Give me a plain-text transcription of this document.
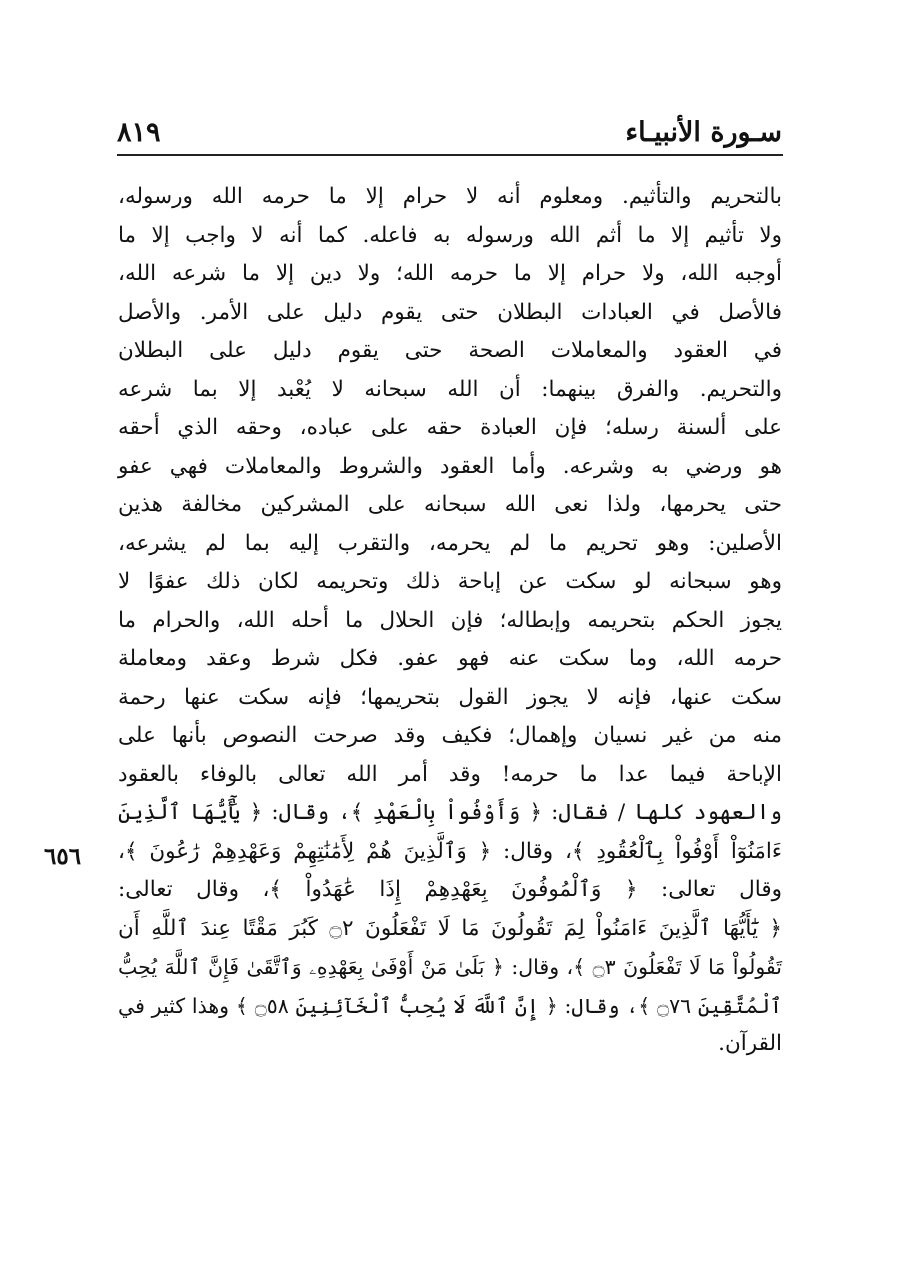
سـورة الأنبيـاء
٨١٩
٦٥٦
بالتحريم والتأثيم. ومعلوم أنه لا حرام إلا ما حرمه الله ورسوله،
ولا تأثيم إلا ما أثم الله ورسوله به فاعله. كما أنه لا واجب إلا ما
أوجبه الله، ولا حرام إلا ما حرمه الله؛ ولا دين إلا ما شرعه الله،
فالأصل في العبادات البطلان حتى يقوم دليل على الأمر. والأصل
في العقود والمعاملات الصحة حتى يقوم دليل على البطلان
والتحريم. والفرق بينهما: أن الله سبحانه لا يُعْبد إلا بما شرعه
على ألسنة رسله؛ فإن العبادة حقه على عباده، وحقه الذي أحقه
هو ورضي به وشرعه. وأما العقود والشروط والمعاملات فهي عفو
حتى يحرمها، ولذا نعى الله سبحانه على المشركين مخالفة هذين
الأصلين: وهو تحريم ما لم يحرمه، والتقرب إليه بما لم يشرعه،
وهو سبحانه لو سكت عن إباحة ذلك وتحريمه لكان ذلك عفوًا لا
يجوز الحكم بتحريمه وإبطاله؛ فإن الحلال ما أحله الله، والحرام ما
حرمه الله، وما سكت عنه فهو عفو. فكل شرط وعقد ومعاملة
سكت عنها، فإنه لا يجوز القول بتحريمها؛ فإنه سكت عنها رحمة
منه من غير نسيان وإهمال؛ فكيف وقد صرحت النصوص بأنها على
الإباحة فيما عدا ما حرمه! وقد أمر الله تعالى بالوفاء بالعقود
والعهود كلها / فقال: ﴿ وَأَوْفُواْ بِالْعَهْدِ ﴾، وقال: ﴿ يَٰٓأَيُّهَا ٱلَّذِينَ
ءَامَنُوٓاْ أَوْفُواْ بِٱلْعُقُودِ ﴾، وقال: ﴿ وَٱلَّذِينَ هُمْ لِأَمَٰنَٰتِهِمْ وَعَهْدِهِمْ رَٰعُونَ ﴾،
وقال تعالى: ﴿ وَٱلْمُوفُونَ بِعَهْدِهِمْ إِذَا عَٰهَدُواْ ﴾، وقال تعالى:
﴿ يَٰٓأَيُّهَا ٱلَّذِينَ ءَامَنُواْ لِمَ تَقُولُونَ مَا لَا تَفْعَلُونَ ۝٢ كَبُرَ مَقْتًا عِندَ ٱللَّهِ أَن
تَقُولُواْ مَا لَا تَفْعَلُونَ ۝٣ ﴾، وقال: ﴿ بَلَىٰ مَنْ أَوْفَىٰ بِعَهْدِهِۦ وَٱتَّقَىٰ فَإِنَّ ٱللَّهَ يُحِبُّ
ٱلْمُتَّقِينَ ۝٧٦ ﴾، وقال: ﴿ إِنَّ ٱللَّهَ لَا يُحِبُّ ٱلْخَآئِنِينَ ۝٥٨ ﴾ وهذا كثير في
القرآن.
